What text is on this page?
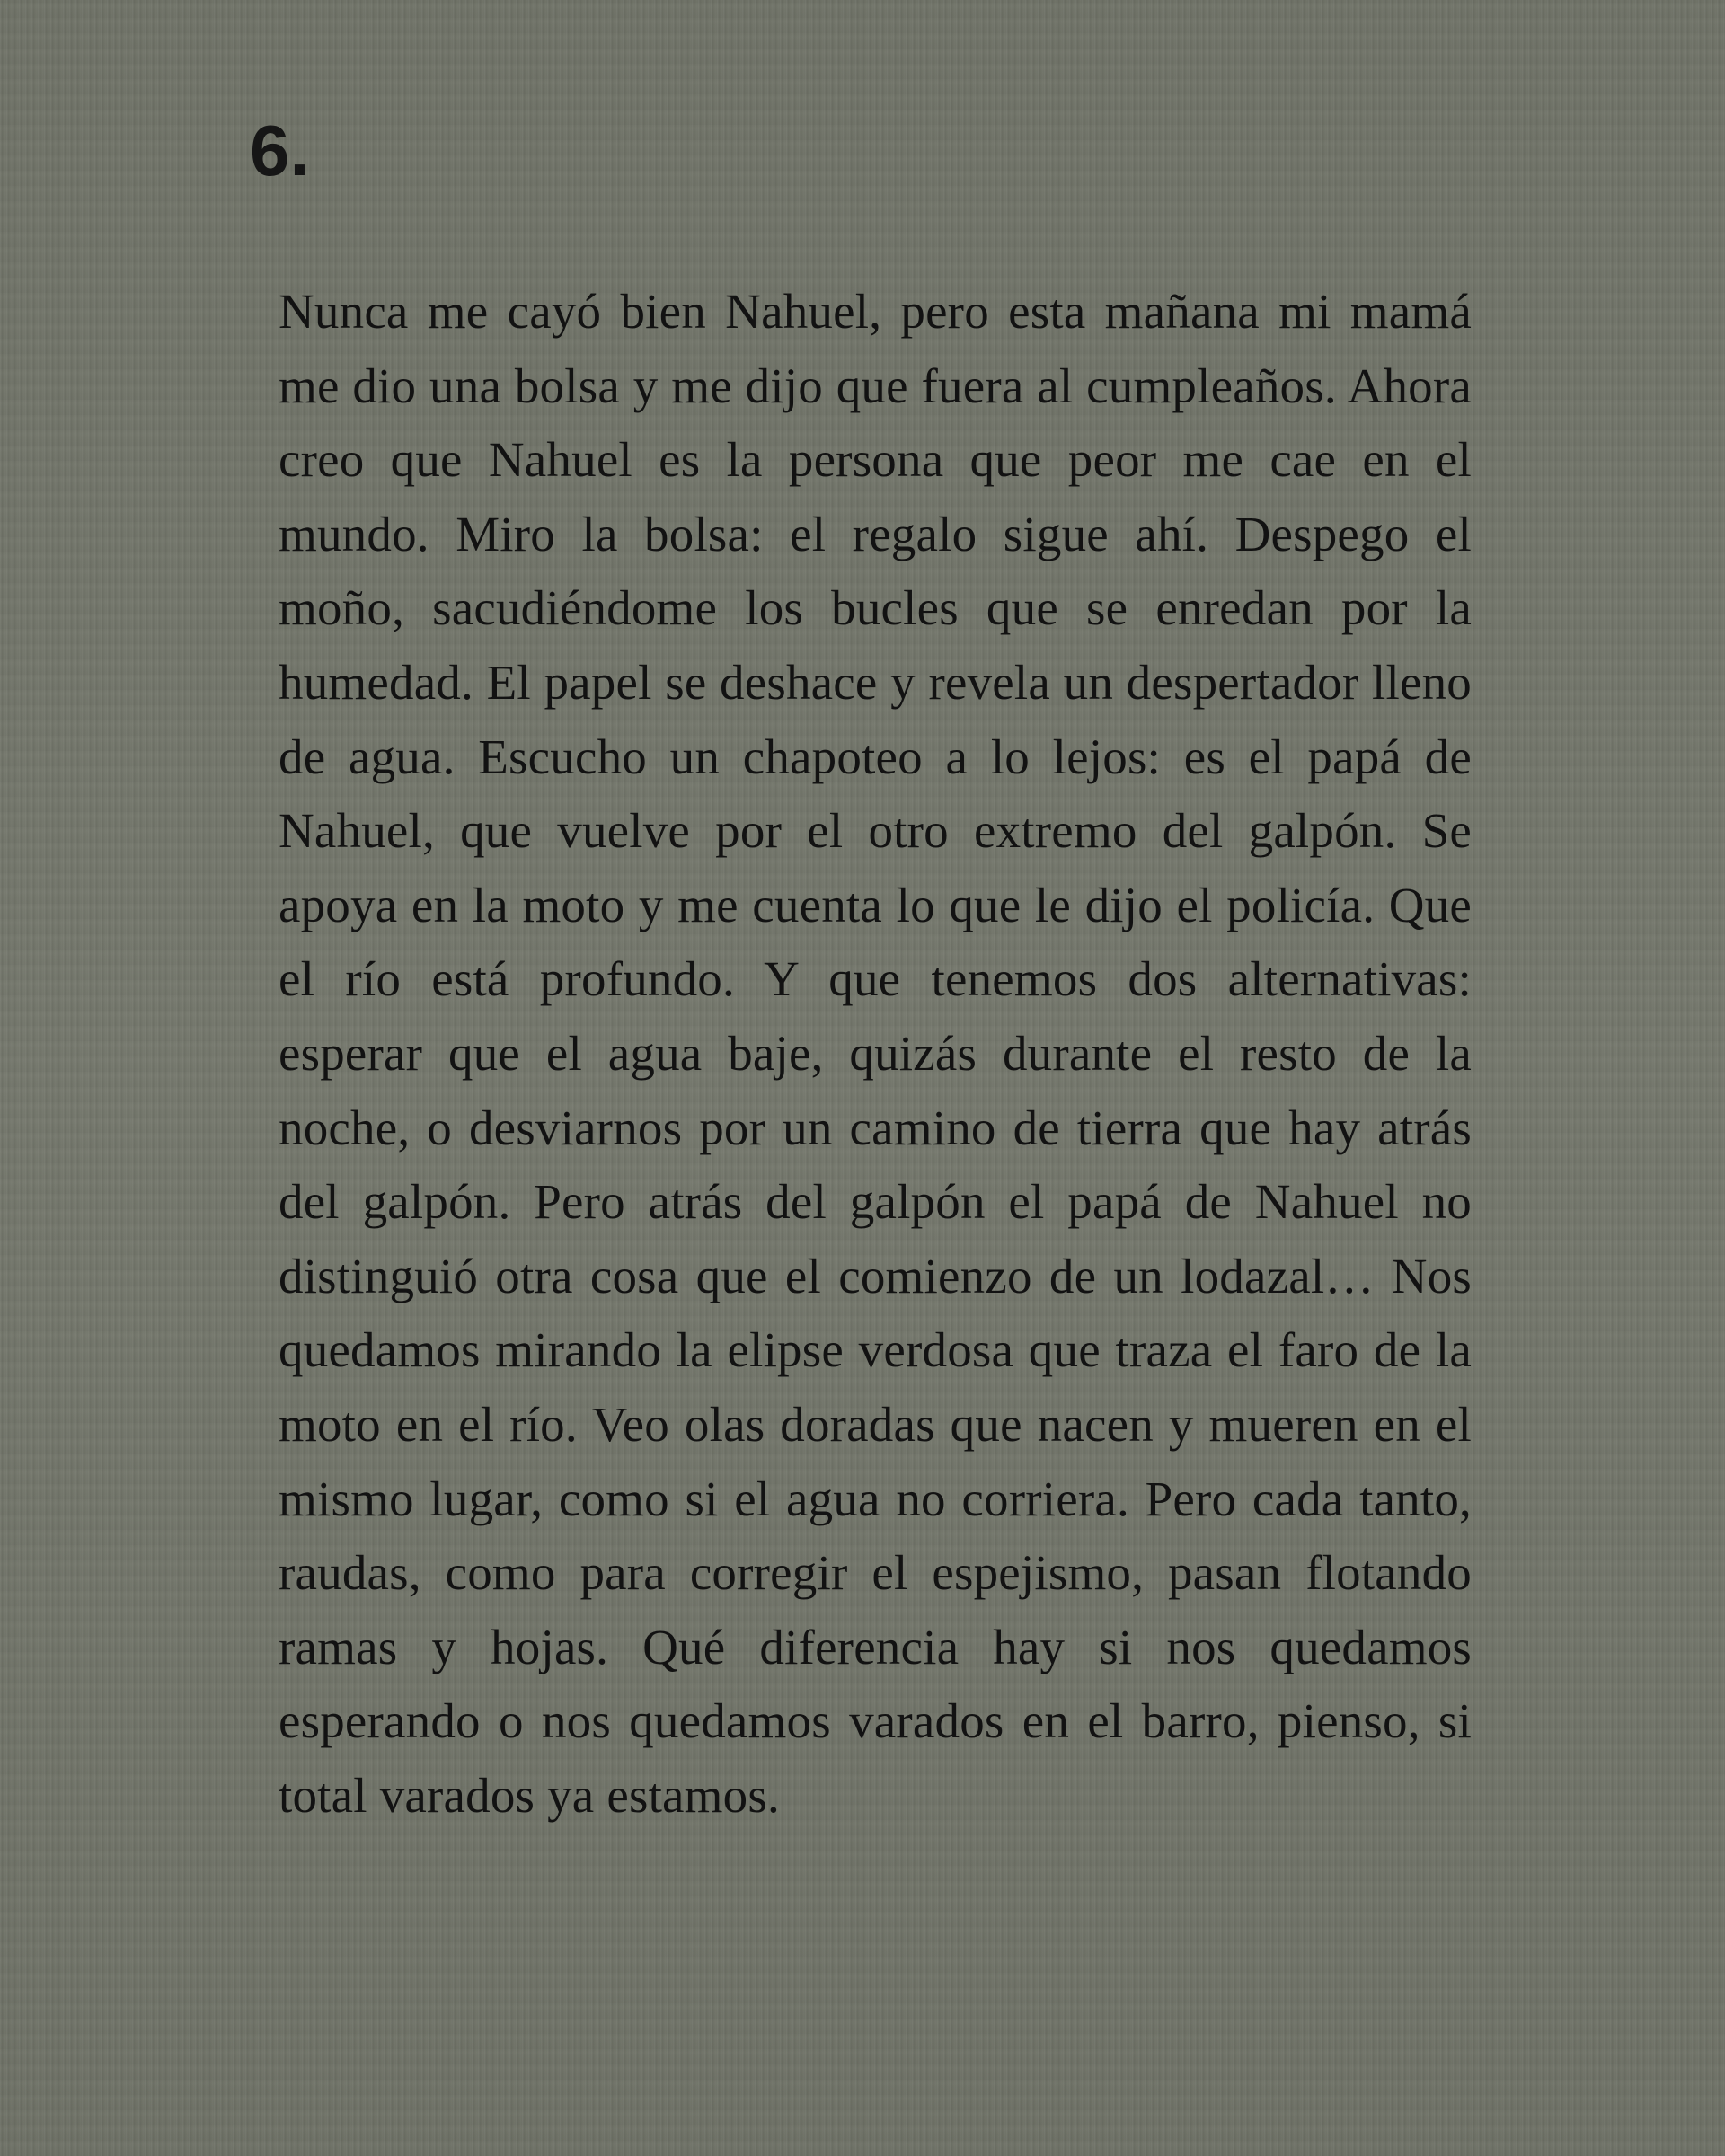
6.

Nunca me cayó bien Nahuel, pero esta mañana mi mamá me dio una bolsa y me dijo que fuera al cumpleaños. Ahora creo que Nahuel es la persona que peor me cae en el mundo. Miro la bolsa: el regalo sigue ahí. Despego el moño, sacudiéndome los bucles que se enredan por la humedad. El papel se deshace y revela un despertador lleno de agua. Escucho un chapoteo a lo lejos: es el papá de Nahuel, que vuelve por el otro extremo del galpón. Se apoya en la moto y me cuenta lo que le dijo el policía. Que el río está profundo. Y que tenemos dos alternativas: esperar que el agua baje, quizás durante el resto de la noche, o desviarnos por un camino de tierra que hay atrás del galpón. Pero atrás del galpón el papá de Nahuel no distinguió otra cosa que el comienzo de un lodazal… Nos quedamos mirando la elipse verdosa que traza el faro de la moto en el río. Veo olas doradas que nacen y mueren en el mismo lugar, como si el agua no corriera. Pero cada tanto, raudas, como para corregir el espejismo, pasan flotando ramas y hojas. Qué diferencia hay si nos quedamos esperando o nos quedamos varados en el barro, pienso, si total varados ya estamos.
